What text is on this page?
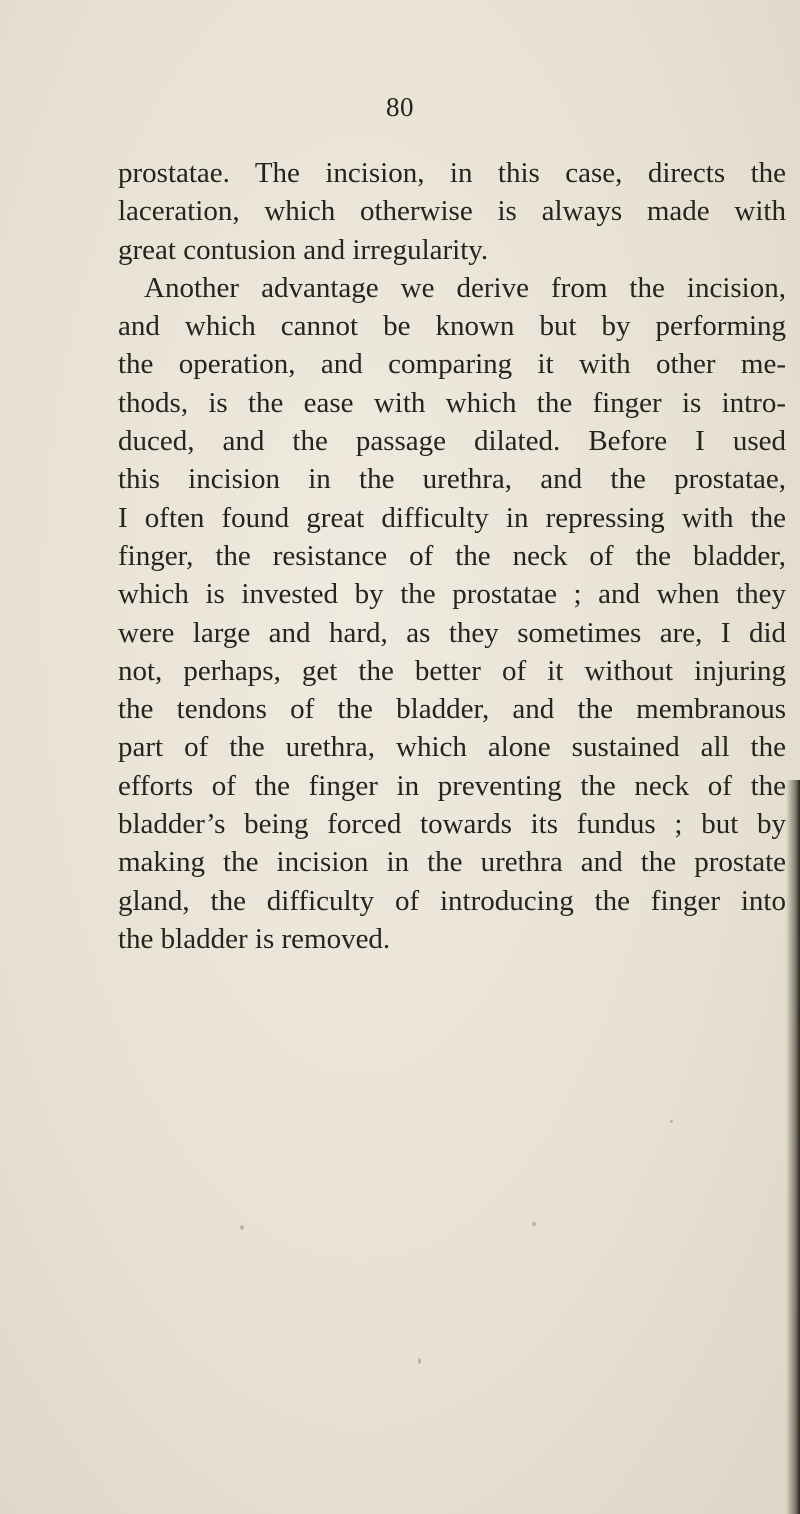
80
prostatae. The incision, in this case, directs the
laceration, which otherwise is always made with
great contusion and irregularity.
Another advantage we derive from the incision,
and which cannot be known but by performing
the operation, and comparing it with other me-
thods, is the ease with which the finger is intro-
duced, and the passage dilated. Before I used
this incision in the urethra, and the prostatae,
I often found great difficulty in repressing with the
finger, the resistance of the neck of the bladder,
which is invested by the prostatae ; and when they
were large and hard, as they sometimes are, I did
not, perhaps, get the better of it without injuring
the tendons of the bladder, and the membranous
part of the urethra, which alone sustained all the
efforts of the finger in preventing the neck of the
bladder’s being forced towards its fundus ; but by
making the incision in the urethra and the prostate
gland, the difficulty of introducing the finger into
the bladder is removed.
